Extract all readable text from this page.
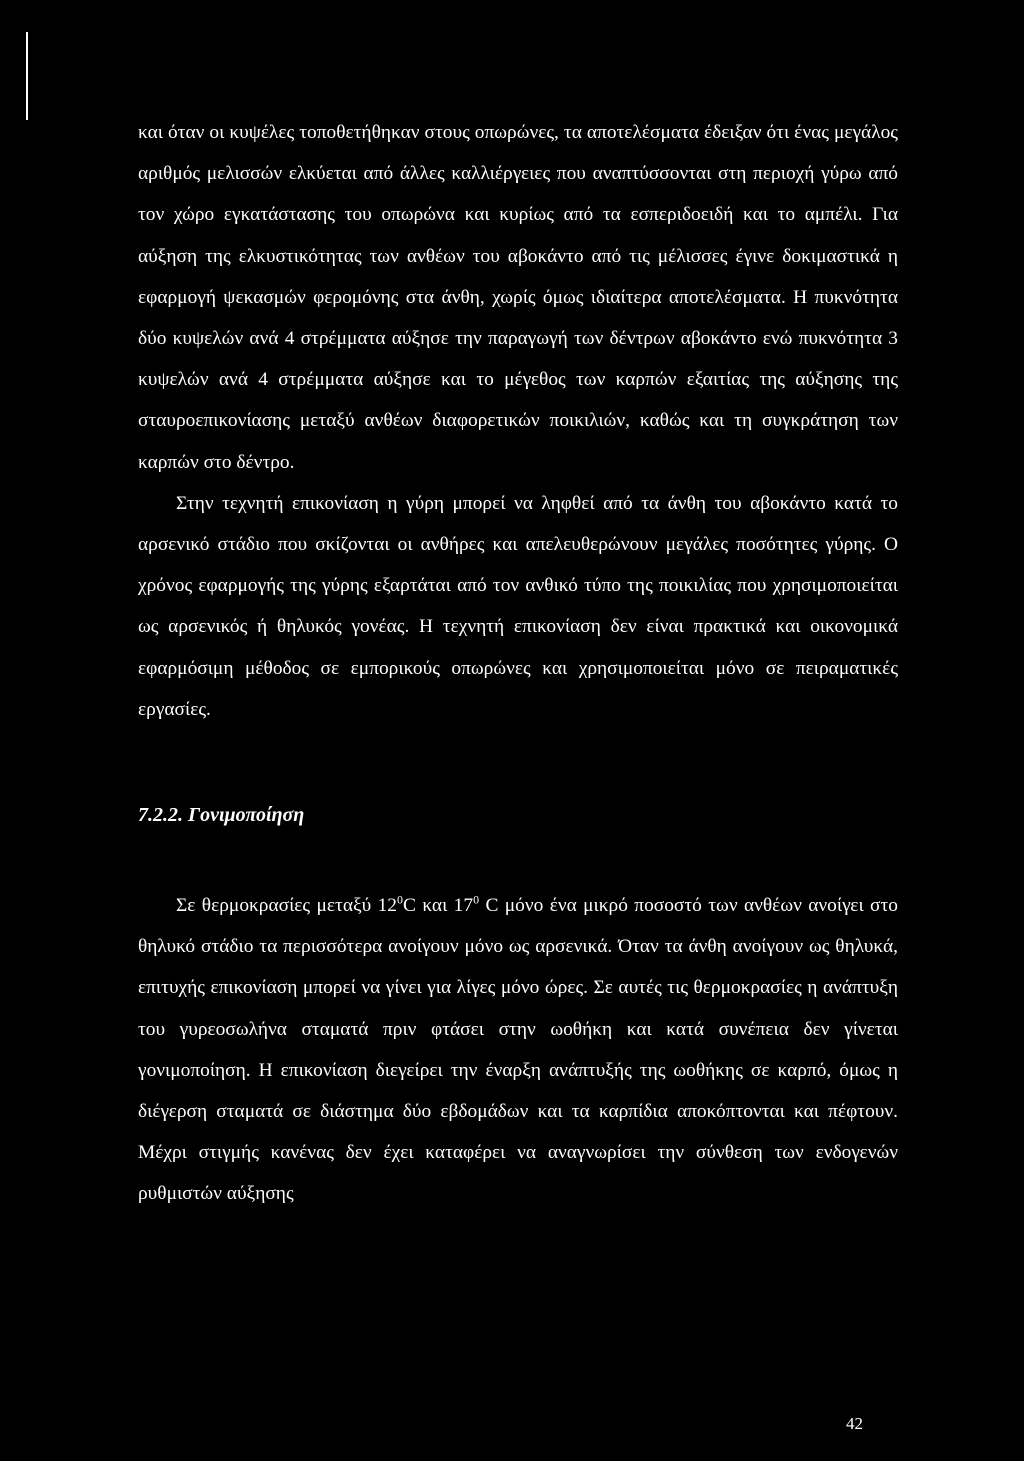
και όταν οι κυψέλες τοποθετήθηκαν στους οπωρώνες, τα αποτελέσματα έδειξαν ότι ένας μεγάλος αριθμός μελισσών ελκύεται από άλλες καλλιέργειες που αναπτύσσονται στη περιοχή γύρω από τον χώρο εγκατάστασης του οπωρώνα και κυρίως από τα εσπεριδοειδή και το αμπέλι. Για αύξηση της ελκυστικότητας των ανθέων του αβοκάντο από τις μέλισσες έγινε δοκιμαστικά η εφαρμογή ψεκασμών φερομόνης στα άνθη, χωρίς όμως ιδιαίτερα αποτελέσματα. Η πυκνότητα δύο κυψελών ανά 4 στρέμματα αύξησε την παραγωγή των δέντρων αβοκάντο ενώ πυκνότητα 3 κυψελών ανά 4 στρέμματα αύξησε και το μέγεθος των καρπών εξαιτίας της αύξησης της σταυροεπικονίασης μεταξύ ανθέων διαφορετικών ποικιλιών, καθώς και τη συγκράτηση των καρπών στο δέντρο.

Στην τεχνητή επικονίαση η γύρη μπορεί να ληφθεί από τα άνθη του αβοκάντο κατά το αρσενικό στάδιο που σκίζονται οι ανθήρες και απελευθερώνουν μεγάλες ποσότητες γύρης. Ο χρόνος εφαρμογής της γύρης εξαρτάται από τον ανθικό τύπο της ποικιλίας που χρησιμοποιείται ως αρσενικός ή θηλυκός γονέας. Η τεχνητή επικονίαση δεν είναι πρακτικά και οικονομικά εφαρμόσιμη μέθοδος σε εμπορικούς οπωρώνες και χρησιμοποιείται μόνο σε πειραματικές εργασίες.

7.2.2. Γονιμοποίηση

Σε θερμοκρασίες μεταξύ $12^0C$ και $17^0$ C μόνο ένα μικρό ποσοστό των ανθέων ανοίγει στο θηλυκό στάδιο τα περισσότερα ανοίγουν μόνο ως αρσενικά. Όταν τα άνθη ανοίγουν ως θηλυκά, επιτυχής επικονίαση μπορεί να γίνει για λίγες μόνο ώρες. Σε αυτές τις θερμοκρασίες η ανάπτυξη του γυρεοσωλήνα σταματά πριν φτάσει στην ωοθήκη και κατά συνέπεια δεν γίνεται γονιμοποίηση. Η επικονίαση διεγείρει την έναρξη ανάπτυξής της ωοθήκης σε καρπό, όμως η διέγερση σταματά σε διάστημα δύο εβδομάδων και τα καρπίδια αποκόπτονται και πέφτουν. Μέχρι στιγμής κανένας δεν έχει καταφέρει να αναγνωρίσει την σύνθεση των ενδογενών ρυθμιστών αύξησης

42
